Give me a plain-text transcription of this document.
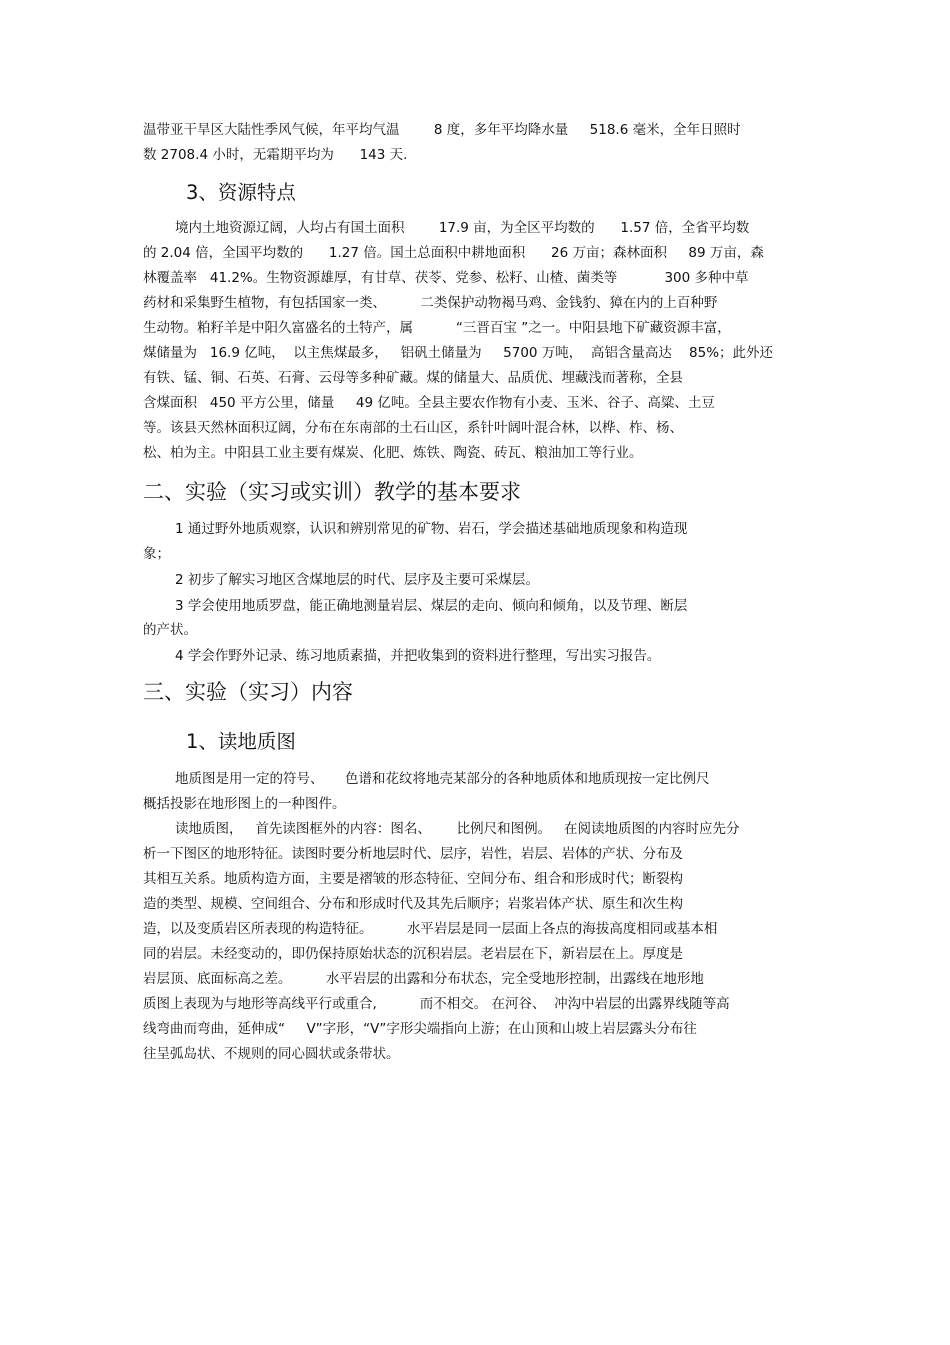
温带亚干旱区大陆性季风气候，年平均气温        8 度，多年平均降水量     518.6 毫米，全年日照时
数 2708.4 小时，无霜期平均为      143 天.
3、资源特点
境内土地资源辽阔，人均占有国土面积        17.9 亩，为全区平均数的      1.57 倍，全省平均数
的 2.04 倍，全国平均数的      1.27 倍。国土总面积中耕地面积      26 万亩；森林面积     89 万亩，森
林覆盖率   41.2%。生物资源雄厚，有甘草、茯苓、党参、松籽、山楂、菌类等           300 多种中草
药材和采集野生植物，有包括国家一类、        二类保护动物褐马鸡、金钱豹、獐在内的上百种野
生动物。粕籽羊是中阳久富盛名的土特产，属          “三晋百宝 ”之一。中阳县地下矿藏资源丰富，
煤储量为   16.9 亿吨，  以主焦煤最多，   铝矾土储量为     5700 万吨，  高铝含量高达    85%；此外还
有铁、锰、铜、石英、石膏、云母等多种矿藏。煤的储量大、品质优、埋藏浅而著称，全县
含煤面积   450 平方公里，储量     49 亿吨。全县主要农作物有小麦、玉米、谷子、高粱、土豆
等。该县天然林面积辽阔，分布在东南部的土石山区，系针叶阔叶混合林，以桦、柞、杨、
松、柏为主。中阳县工业主要有煤炭、化肥、炼铁、陶瓷、砖瓦、粮油加工等行业。
二、实验（实习或实训）教学的基本要求
1 通过野外地质观察，认识和辨别常见的矿物、岩石，学会描述基础地质现象和构造现
象；
2 初步了解实习地区含煤地层的时代、层序及主要可采煤层。
3 学会使用地质罗盘，能正确地测量岩层、煤层的走向、倾向和倾角，以及节理、断层
的产状。
4 学会作野外记录、练习地质素描，并把收集到的资料进行整理，写出实习报告。
三、实验（实习）内容
1、读地质图
地质图是用一定的符号、     色谱和花纹将地壳某部分的各种地质体和地质现按一定比例尺
概括投影在地形图上的一种图件。
读地质图，   首先读图框外的内容：图名、      比例尺和图例。   在阅读地质图的内容时应先分
析一下图区的地形特征。读图时要分析地层时代、层序，岩性，岩层、岩体的产状、分布及
其相互关系。地质构造方面，主要是褶皱的形态特征、空间分布、组合和形成时代；断裂构
造的类型、规模、空间组合、分布和形成时代及其先后顺序；岩浆岩体产状、原生和次生构
造，以及变质岩区所表现的构造特征。        水平岩层是同一层面上各点的海拔高度相同或基本相
同的岩层。未经变动的，即仍保持原始状态的沉积岩层。老岩层在下，新岩层在上。厚度是
岩层顶、底面标高之差。        水平岩层的出露和分布状态，完全受地形控制，出露线在地形地
质图上表现为与地形等高线平行或重合,          而不相交。 在河谷、  冲沟中岩层的出露界线随等高
线弯曲而弯曲，延伸成“     V”字形，“V”字形尖端指向上游；在山顶和山坡上岩层露头分布往
往呈弧岛状、不规则的同心圆状或条带状。
